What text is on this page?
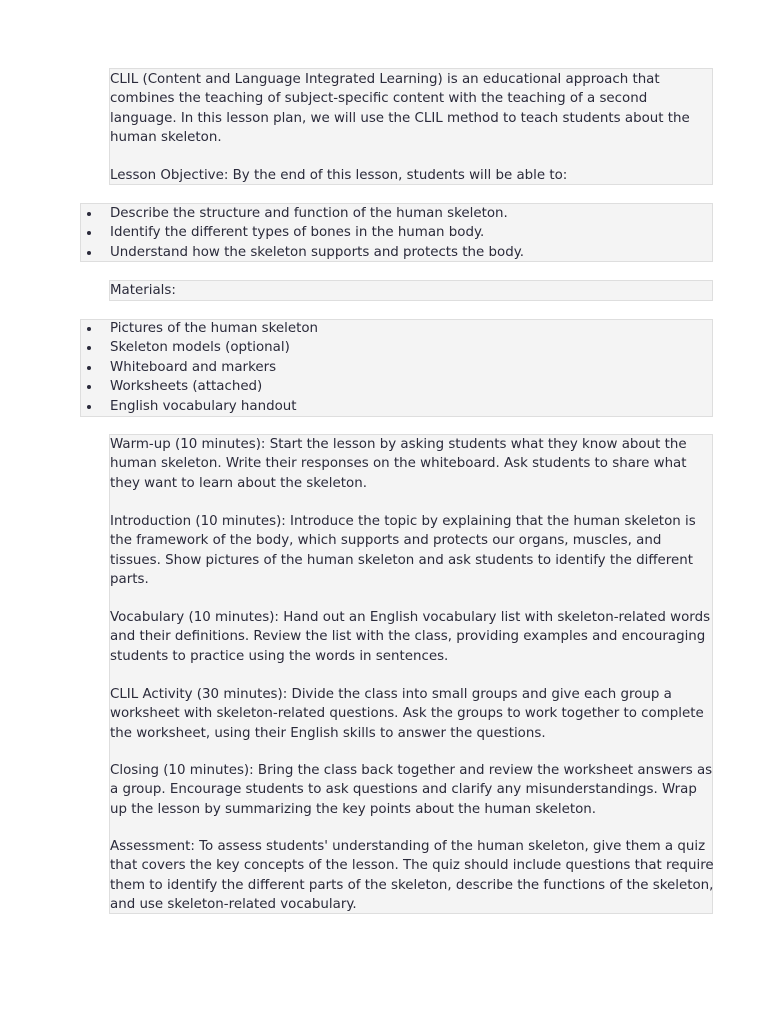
CLIL (Content and Language Integrated Learning) is an educational approach that combines the teaching of subject-specific content with the teaching of a second language. In this lesson plan, we will use the CLIL method to teach students about the human skeleton.

Lesson Objective: By the end of this lesson, students will be able to:

Describe the structure and function of the human skeleton.
Identify the different types of bones in the human body.
Understand how the skeleton supports and protects the body.

Materials:

Pictures of the human skeleton
Skeleton models (optional)
Whiteboard and markers
Worksheets (attached)
English vocabulary handout

Warm-up (10 minutes): Start the lesson by asking students what they know about the human skeleton. Write their responses on the whiteboard. Ask students to share what they want to learn about the skeleton.

Introduction (10 minutes): Introduce the topic by explaining that the human skeleton is the framework of the body, which supports and protects our organs, muscles, and tissues. Show pictures of the human skeleton and ask students to identify the different parts.

Vocabulary (10 minutes): Hand out an English vocabulary list with skeleton-related words and their definitions. Review the list with the class, providing examples and encouraging students to practice using the words in sentences.

CLIL Activity (30 minutes): Divide the class into small groups and give each group a worksheet with skeleton-related questions. Ask the groups to work together to complete the worksheet, using their English skills to answer the questions.

Closing (10 minutes): Bring the class back together and review the worksheet answers as a group. Encourage students to ask questions and clarify any misunderstandings. Wrap up the lesson by summarizing the key points about the human skeleton.

Assessment: To assess students' understanding of the human skeleton, give them a quiz that covers the key concepts of the lesson. The quiz should include questions that require them to identify the different parts of the skeleton, describe the functions of the skeleton, and use skeleton-related vocabulary.
